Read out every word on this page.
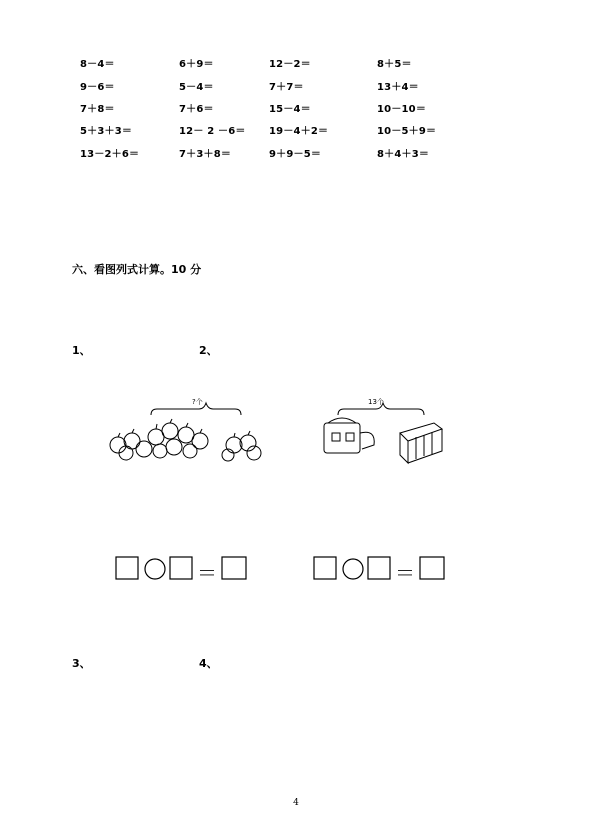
8－4＝	6＋9＝	12－2＝	8＋5＝
9－6＝	5－4＝	7＋7＝	13＋4＝
7＋8＝	7＋6＝	15－4＝	10－10＝
5＋3＋3＝	12－ 2 －6＝ 19－4＋2＝	10－5＋9＝
13－2＋6＝	7＋3＋8＝	9＋9－5＝	8＋4＋3＝
六、看图列式计算。10 分
1、	2、
?个	13个
＝	＝
3、	4、
4
